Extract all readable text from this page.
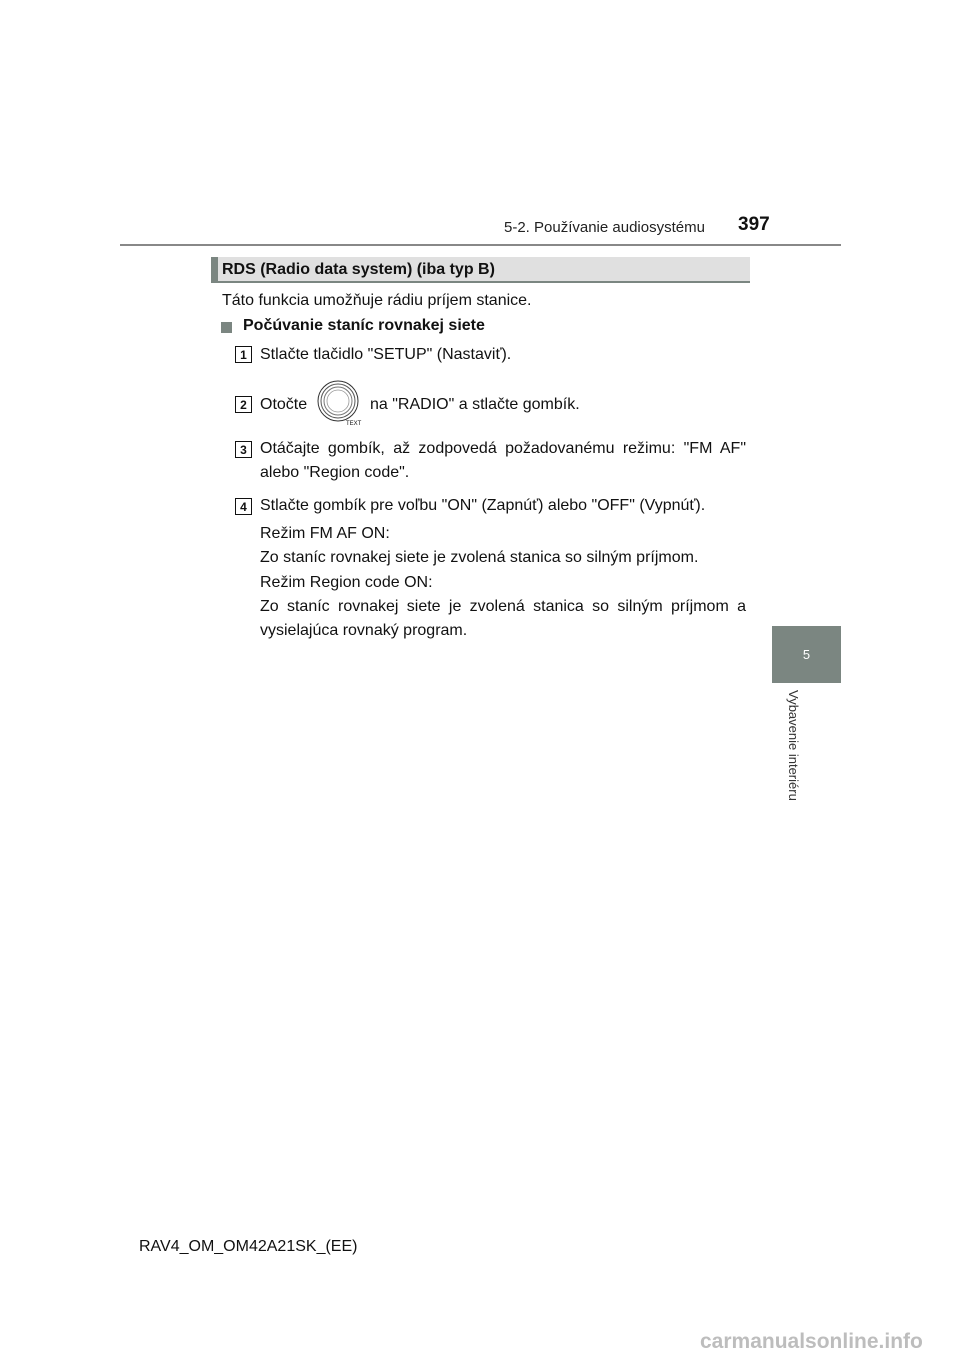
5-2. Používanie audiosystému 397
5
Vybavenie interiéru
RDS (Radio data system) (iba typ B)
Táto funkcia umožňuje rádiu príjem stanice.
Počúvanie staníc rovnakej siete
1 Stlačte tlačidlo "SETUP" (Nastaviť).
2 Otočte
TEXT
na "RADIO" a stlačte gombík.
3 Otáčajte gombík, až zodpovedá požadovanému režimu: "FM AF" alebo "Region code".
4 Stlačte gombík pre voľbu "ON" (Zapnúť) alebo "OFF" (Vypnúť).
Režim FM AF ON:
Zo staníc rovnakej siete je zvolená stanica so silným príjmom.
Režim Region code ON:
Zo staníc rovnakej siete je zvolená stanica so silným príjmom a vysielajúca rovnaký program.
RAV4_OM_OM42A21SK_(EE)
carmanualsonline.info
